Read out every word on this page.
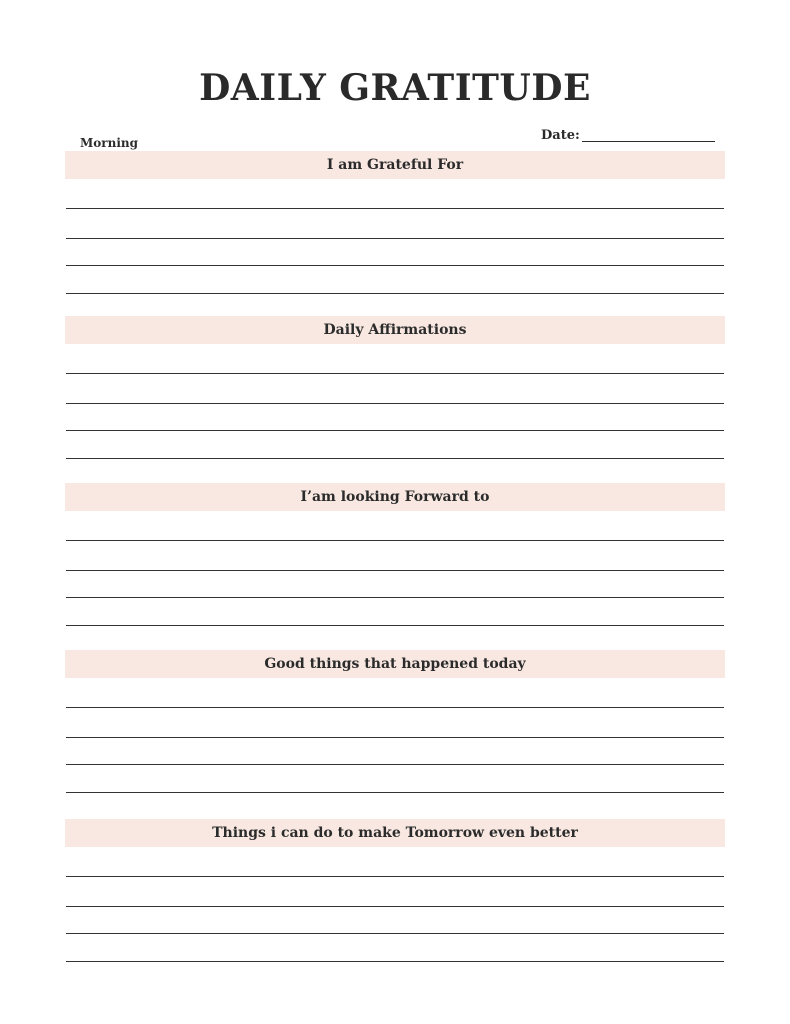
DAILY GRATITUDE
Morning	Date:
I am Grateful For
Daily Affirmations
I’am looking Forward to
Good things that happened today
Things i can do to make Tomorrow even better
